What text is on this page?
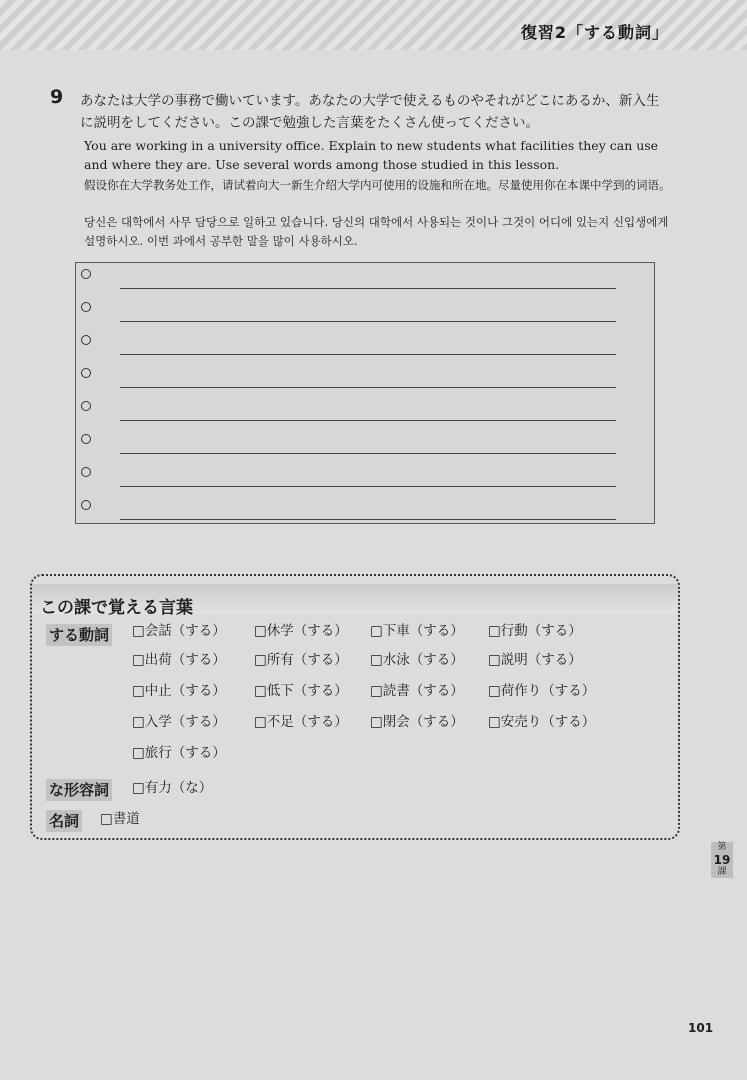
復習2「する動詞」
9 あなたは大学の事務で働いています。あなたの大学で使えるものやそれがどこにあるか、新入生に説明をしてください。この課で勉強した言葉をたくさん使ってください。
You are working in a university office. Explain to new students what facilities they can use and where they are. Use several words among those studied in this lesson.
假设你在大学教务处工作，请试着向大一新生介绍大学内可使用的设施和所在地。尽量使用你在本课中学到的词语。
당신은 대학에서 사무 담당으로 일하고 있습니다. 당신의 대학에서 사용되는 것이나 그것이 어디에 있는지 신입생에게 설명하시오. 이번 과에서 공부한 말을 많이 사용하시오.
この課で覚える言葉
する動詞 □会話（する） □休学（する） □下車（する） □行動（する）
□出荷（する） □所有（する） □水泳（する） □説明（する）
□中止（する） □低下（する） □読書（する） □荷作り（する）
□入学（する） □不足（する） □閉会（する） □安売り（する）
□旅行（する）
な形容詞 □有力（な）
名詞 □書道
第
19
課
101
